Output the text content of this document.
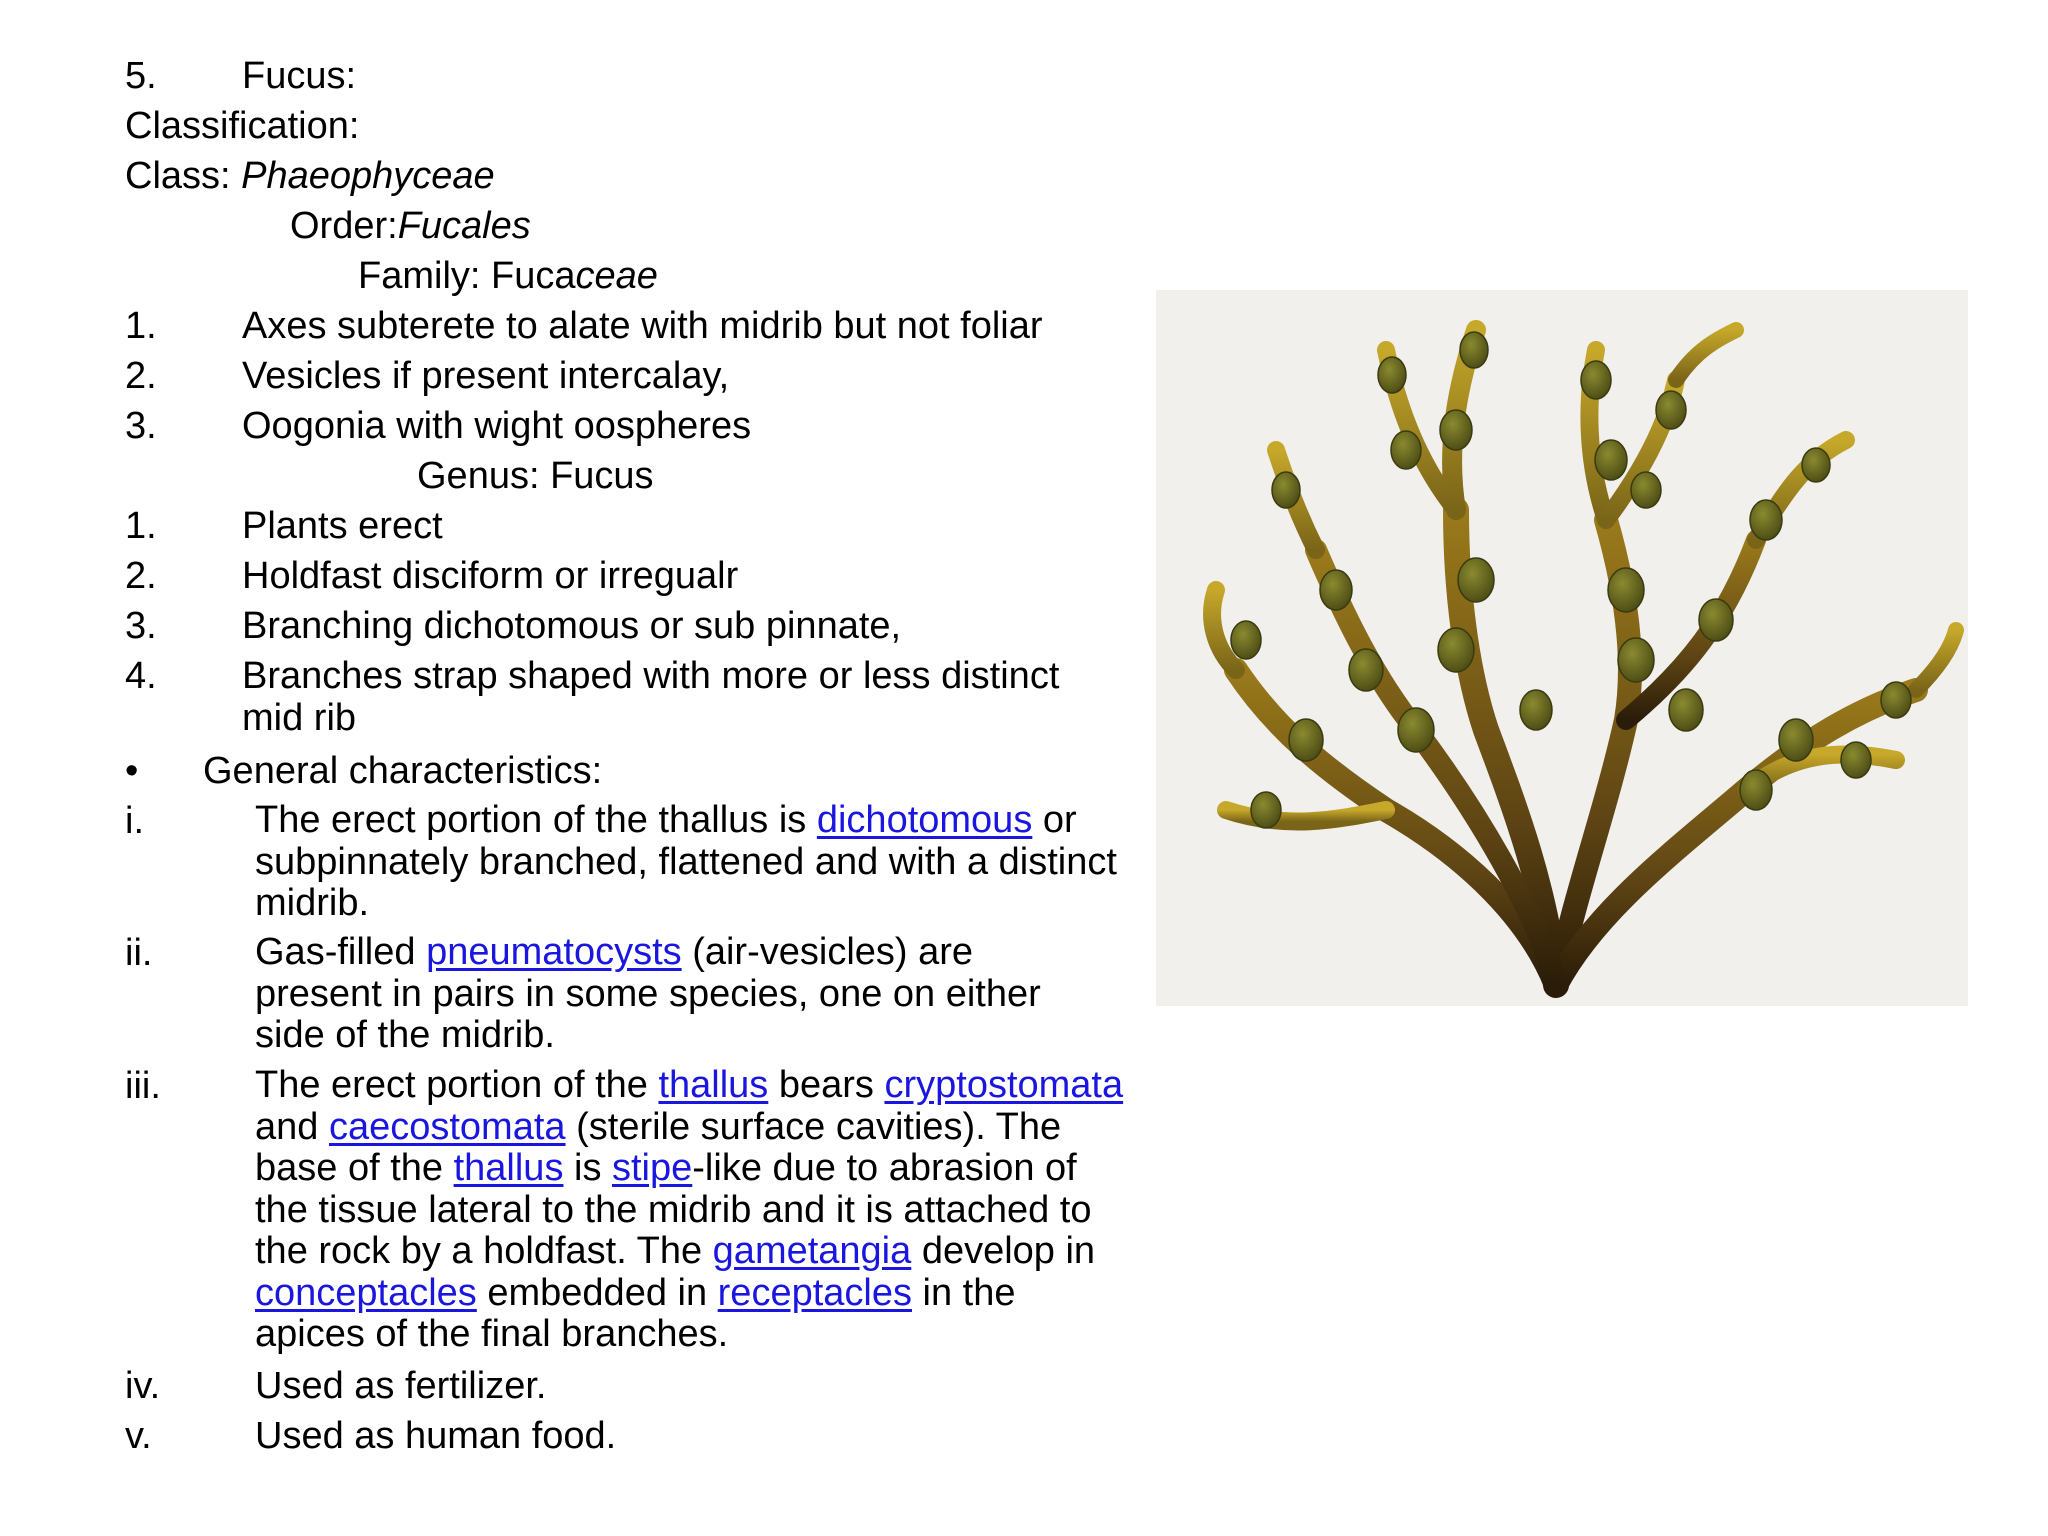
5. Fucus:
Classification:
Class: Phaeophyceae
Order:Fucales
Family: Fucaceae
1. Axes subterete to alate with midrib but not foliar
2. Vesicles if present intercalay,
3. Oogonia with wight oospheres
Genus: Fucus
1. Plants erect
2. Holdfast disciform or irregualr
3. Branching dichotomous or sub pinnate,
4. Branches strap shaped with more or less distinct
mid rib
• General characteristics:
i.	The erect portion of the thallus is dichotomous or subpinnately branched, flattened and with a distinct midrib.
ii.	Gas-filled pneumatocysts (air-vesicles) are present in pairs in some species, one on either side of the midrib.
iii. The erect portion of the thallus bears cryptostomata and caecostomata (sterile surface cavities). The base of the thallus is stipe-like due to abrasion of the tissue lateral to the midrib and it is attached to the rock by a holdfast. The gametangia develop in conceptacles embedded in receptacles in the apices of the final branches.
iv. Used as fertilizer.
v.	Used as human food.
